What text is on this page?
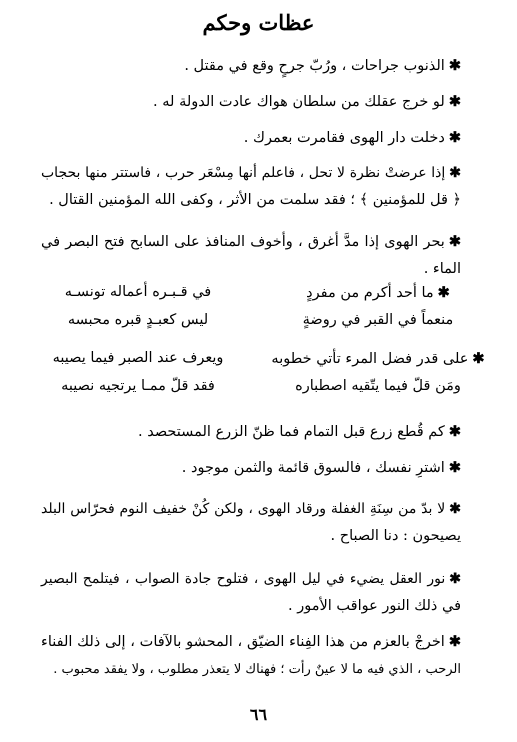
عظات وحكم
✱الذنوب جراحات ، ورُبّ جرحٍ وقع في مقتل .
✱لو خرج عقلك من سلطان هواك عادت الدولة له .
✱دخلت دار الهوى فقامرت بعمرك .
✱إذا عرضتْ نظرة لا تحل ، فاعلم أنها مِسْعَر حرب ، فاستتر منها بحجاب
﴿ قل للمؤمنين ﴾ ؛ فقد سلمت من الأثر ، وكفى الله المؤمنين القتال .
✱بحر الهوى إذا مدَّ أغرق ، وأخوف المنافذ على السابح فتح البصر في
الماء .
✱ما أحد أكرم من مفردٍ
في قـبـره أعماله تونسـه
منعماً في القبر في روضةٍ
ليس كعبـدٍ قبره محبسه
✱على قدر فضل المرء تأتي خطوبه
ويعرف عند الصبر فيما يصيبه
ومَن قلّ فيما يتّقيه اصطباره
فقد قلّ ممـا يرتجيه نصيبه
✱كم قُطع زرع قبل التمام فما ظنّ الزرع المستحصد .
✱اشترِ نفسك ، فالسوق قائمة والثمن موجود .
✱لا بدّ من سِنَةِ الغفلة ورقاد الهوى ، ولكن كُنْ خفيف النوم فحرّاس البلد
يصيحون : دنا الصباح .
✱نور العقل يضيء في ليل الهوى ، فتلوح جادة الصواب ، فيتلمح البصير
في ذلك النور عواقب الأمور .
✱اخرجْ بالعزم من هذا الفِناء الضيّق ، المحشو بالآفات ، إلى ذلك الفناء
الرحب ، الذي فيه ما لا عينٌ رأت ؛ فهناك لا يتعذر مطلوب ، ولا يفقد محبوب .
٦٦
